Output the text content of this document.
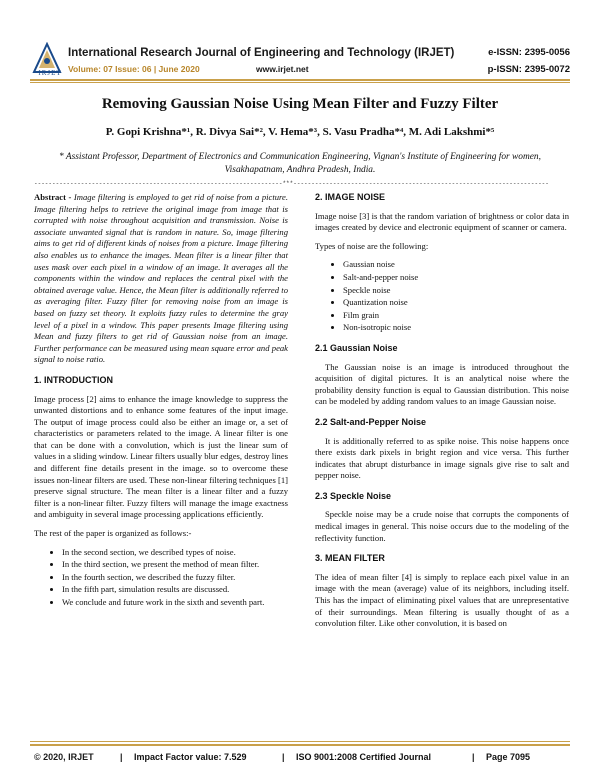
IRJET
International Research Journal of Engineering and Technology (IRJET)	e-ISSN: 2395-0056
Volume: 07 Issue: 06 | June 2020	www.irjet.net	p-ISSN: 2395-0072
Removing Gaussian Noise Using Mean Filter and Fuzzy Filter
P. Gopi Krishna*¹, R. Divya Sai*², V. Hema*³, S. Vasu Pradha*⁴, M. Adi Lakshmi*⁵
* Assistant Professor, Department of Electronics and Communication Engineering, Vignan's Institute of Engineering for women, Visakhapatnam, Andhra Pradesh, India.
---------------------------------------------------------------------***-----------------------------------------------------------------------

Abstract - Image filtering is employed to get rid of noise from a picture. Image filtering helps to retrieve the original image from image that is corrupted with noise throughout acquisition and transmission. Noise is associate unwanted signal that is random in nature. So, image filtering aims to get rid of different kinds of noises from a picture. Image filtering also enables us to enhance the images. Mean filter is a linear filter that uses mask over each pixel in a window of an image. It averages all the components within the window and replaces the central pixel with the obtained average value. Hence, the Mean filter is additionally referred to as averaging filter. Fuzzy filter for removing noise from an image is based on fuzzy set theory. It exploits fuzzy rules to determine the gray level of a pixel in a window. This paper presents Image filtering using Mean and fuzzy filters to get rid of Gaussian noise from an image. Further performance can be measured using mean square error and peak signal to noise ratio.

1. INTRODUCTION

Image process [2] aims to enhance the image knowledge to suppress the unwanted distortions and to enhance some features of the input image. The output of image process could also be either an image or, a set of characteristics or parameters related to the image. A linear filter is one that can be done with a convolution, which is just the linear sum of values in a sliding window. Linear filters usually blur edges, destroy lines and different fine details present in the image. so to overcome these issues non-linear filters are used. These non-linear filtering techniques [1] preserve signal structure. The mean filter is a linear filter and a fuzzy filter is a non-linear filter. Fuzzy filters will manage the image exactness and ambiguity in several image processing applications efficiently.

The rest of the paper is organized as follows:-

• In the second section, we described types of noise.
• In the third section, we present the method of mean filter.
• In the fourth section, we described the fuzzy filter.
• In the fifth part, simulation results are discussed.
• We conclude and future work in the sixth and seventh part.
2. IMAGE NOISE

Image noise [3] is that the random variation of brightness or color data in images created by device and electronic equipment of scanner or camera.

Types of noise are the following:

• Gaussian noise
• Salt-and-pepper noise
• Speckle noise
• Quantization noise
• Film grain
• Non-isotropic noise
2.1 Gaussian Noise

The Gaussian noise is an image is introduced throughout the acquisition of digital pictures. It is an analytical noise where the probability density function is equal to Gaussian distribution. This noise can be modeled by adding random values to an image Gaussian noise.

2.2 Salt-and-Pepper Noise

It is additionally referred to as spike noise. This noise happens once there exists dark pixels in bright region and vice versa. This further indicates that abrupt disturbance in image signals give rise to salt and pepper noise.

2.3 Speckle Noise

Speckle noise may be a crude noise that corrupts the components of medical images in general. This noise occurs due to the modeling of the reflectivity function.

3. MEAN FILTER

The idea of mean filter [4] is simply to replace each pixel value in an image with the mean (average) value of its neighbors, including itself. This has the impact of eliminating pixel values that are unrepresentative of their surroundings. Mean filtering is usually thought of as a convolution filter. Like other convolution, it is based on

© 2020, IRJET	| Impact Factor value: 7.529	| ISO 9001:2008 Certified Journal	| Page 7095
